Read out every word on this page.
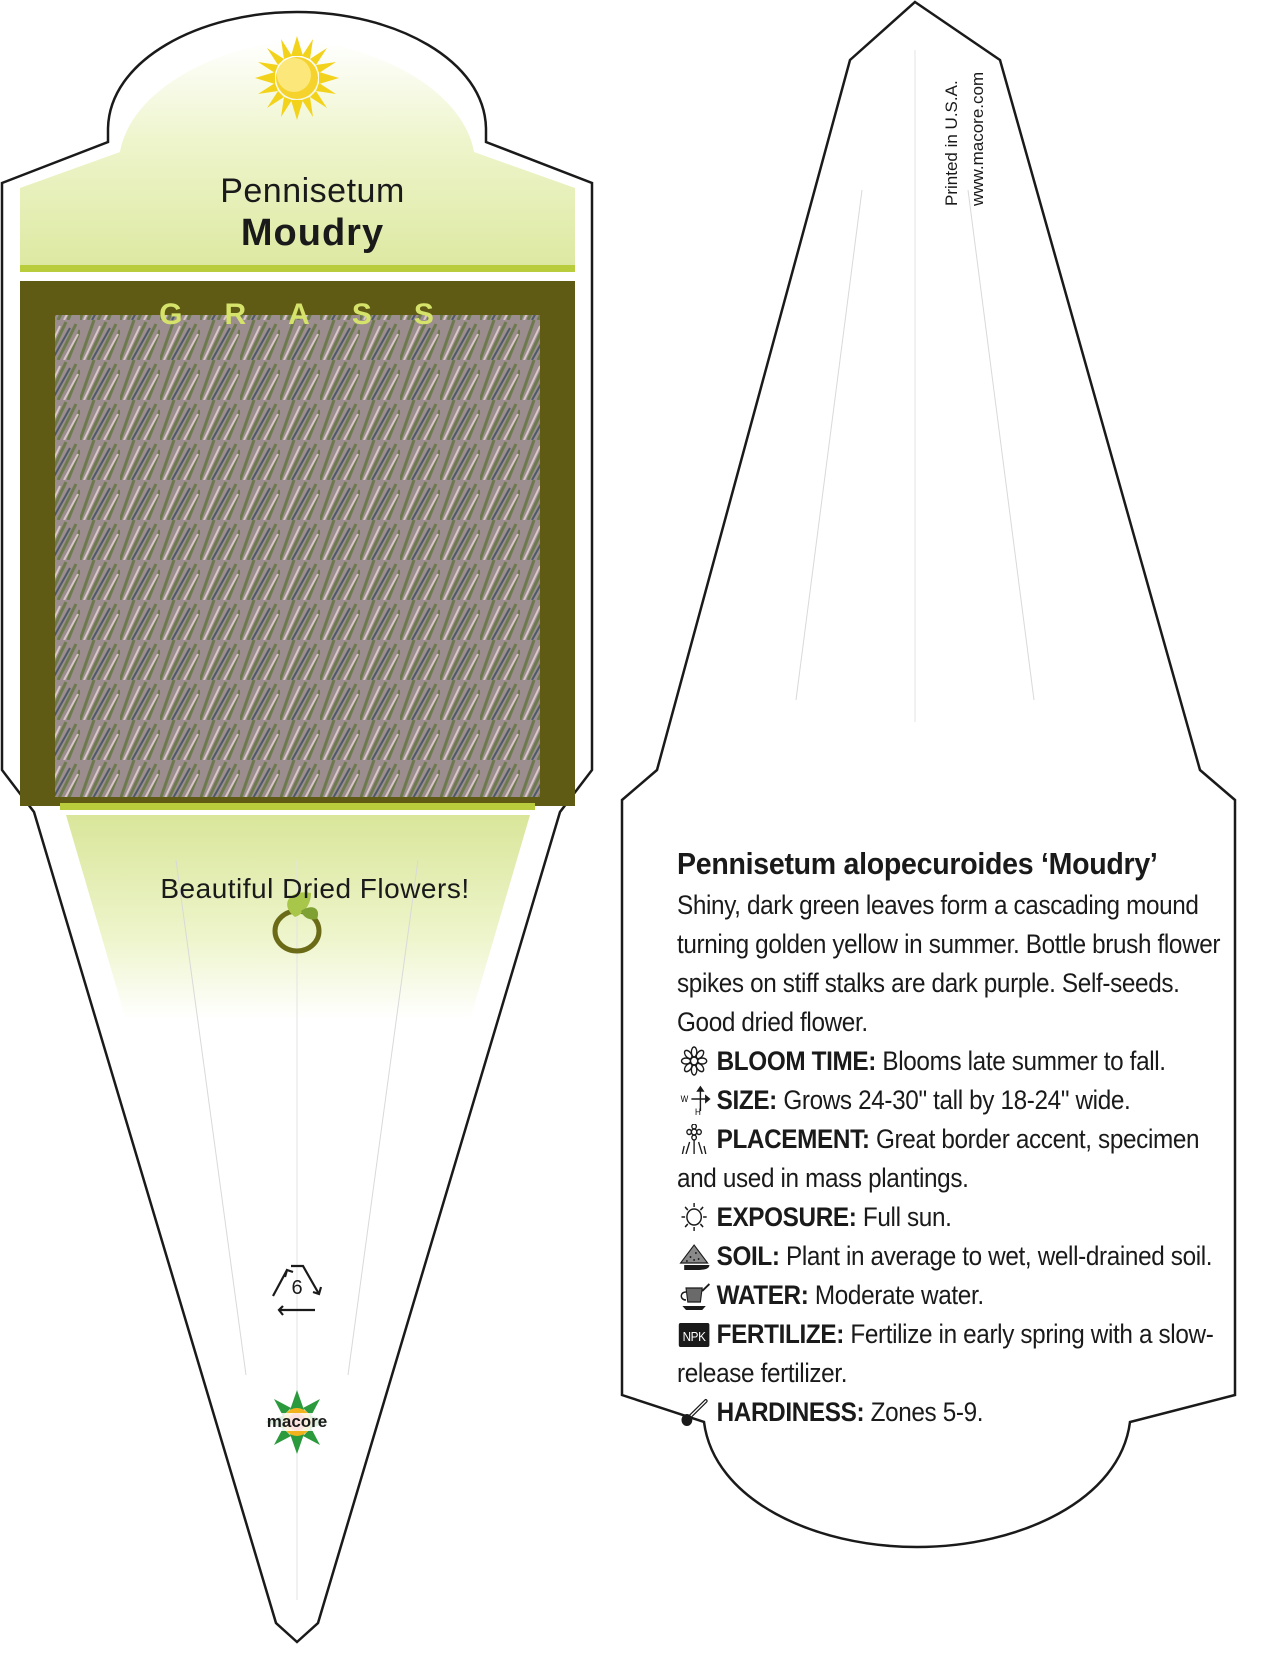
Pennisetum
Moudry
GRASS
Beautiful Dried Flowers!
6
macore
Printed in U.S.A. www.macore.com
Pennisetum alopecuroides ‘Moudry’
Shiny, dark green leaves form a cascading mound turning golden yellow in summer. Bottle brush flower spikes on stiff stalks are dark purple. Self-seeds. Good dried flower.
BLOOM TIME: Blooms late summer to fall.
W
H SIZE: Grows 24-30" tall by 18-24" wide.
PLACEMENT: Great border accent, specimen and used in mass plantings.
EXPOSURE: Full sun.
SOIL: Plant in average to wet, well-drained soil.
WATER: Moderate water.
NPK FERTILIZE: Fertilize in early spring with a slow-release fertilizer.
HARDINESS: Zones 5-9.
